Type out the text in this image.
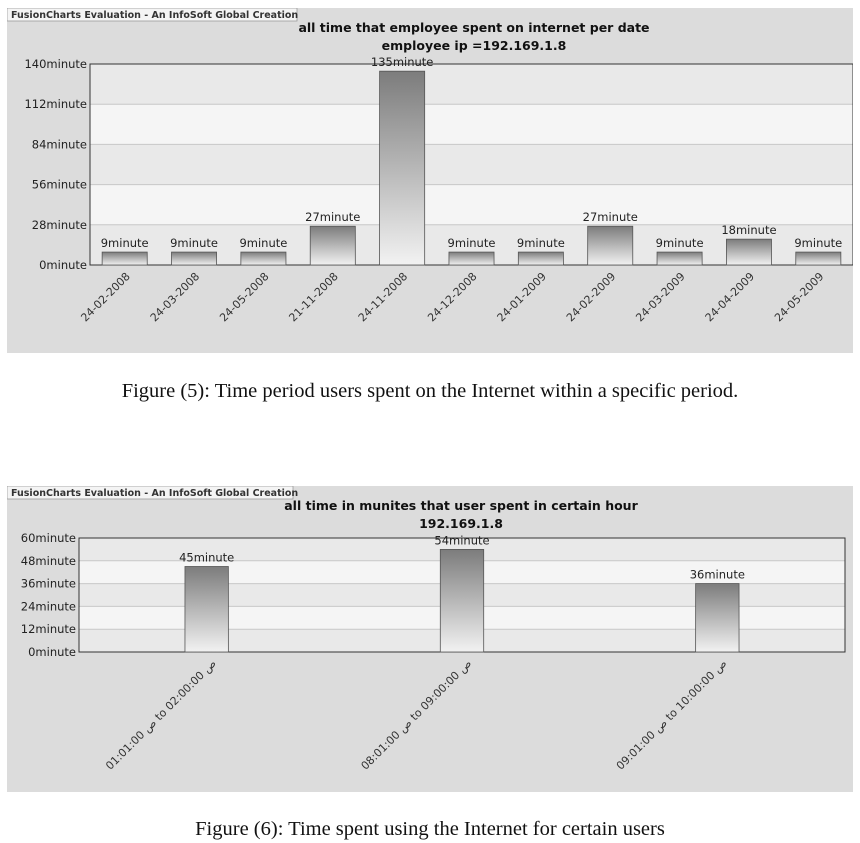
FusionCharts Evaluation - An InfoSoft Global Creation
all time that employee spent on internet per date
employee ip =192.169.1.8
0minute
28minute
56minute
84minute
112minute
140minute
9minute
24-02-2008
9minute
24-03-2008
9minute
24-05-2008
27minute
21-11-2008
135minute
24-11-2008
9minute
24-12-2008
9minute
24-01-2009
27minute
24-02-2009
9minute
24-03-2009
18minute
24-04-2009
9minute
24-05-2009
Figure (5): Time period users spent on the Internet within a specific period.
FusionCharts Evaluation - An InfoSoft Global Creation
all time in munites that user spent in certain hour
192.169.1.8
0minute
12minute
24minute
36minute
48minute
60minute
45minute
01:01:00 ص to 02:00:00 ص
54minute
08:01:00 ص to 09:00:00 ص
36minute
09:01:00 ص to 10:00:00 ص
Figure (6): Time spent using the Internet for certain users
